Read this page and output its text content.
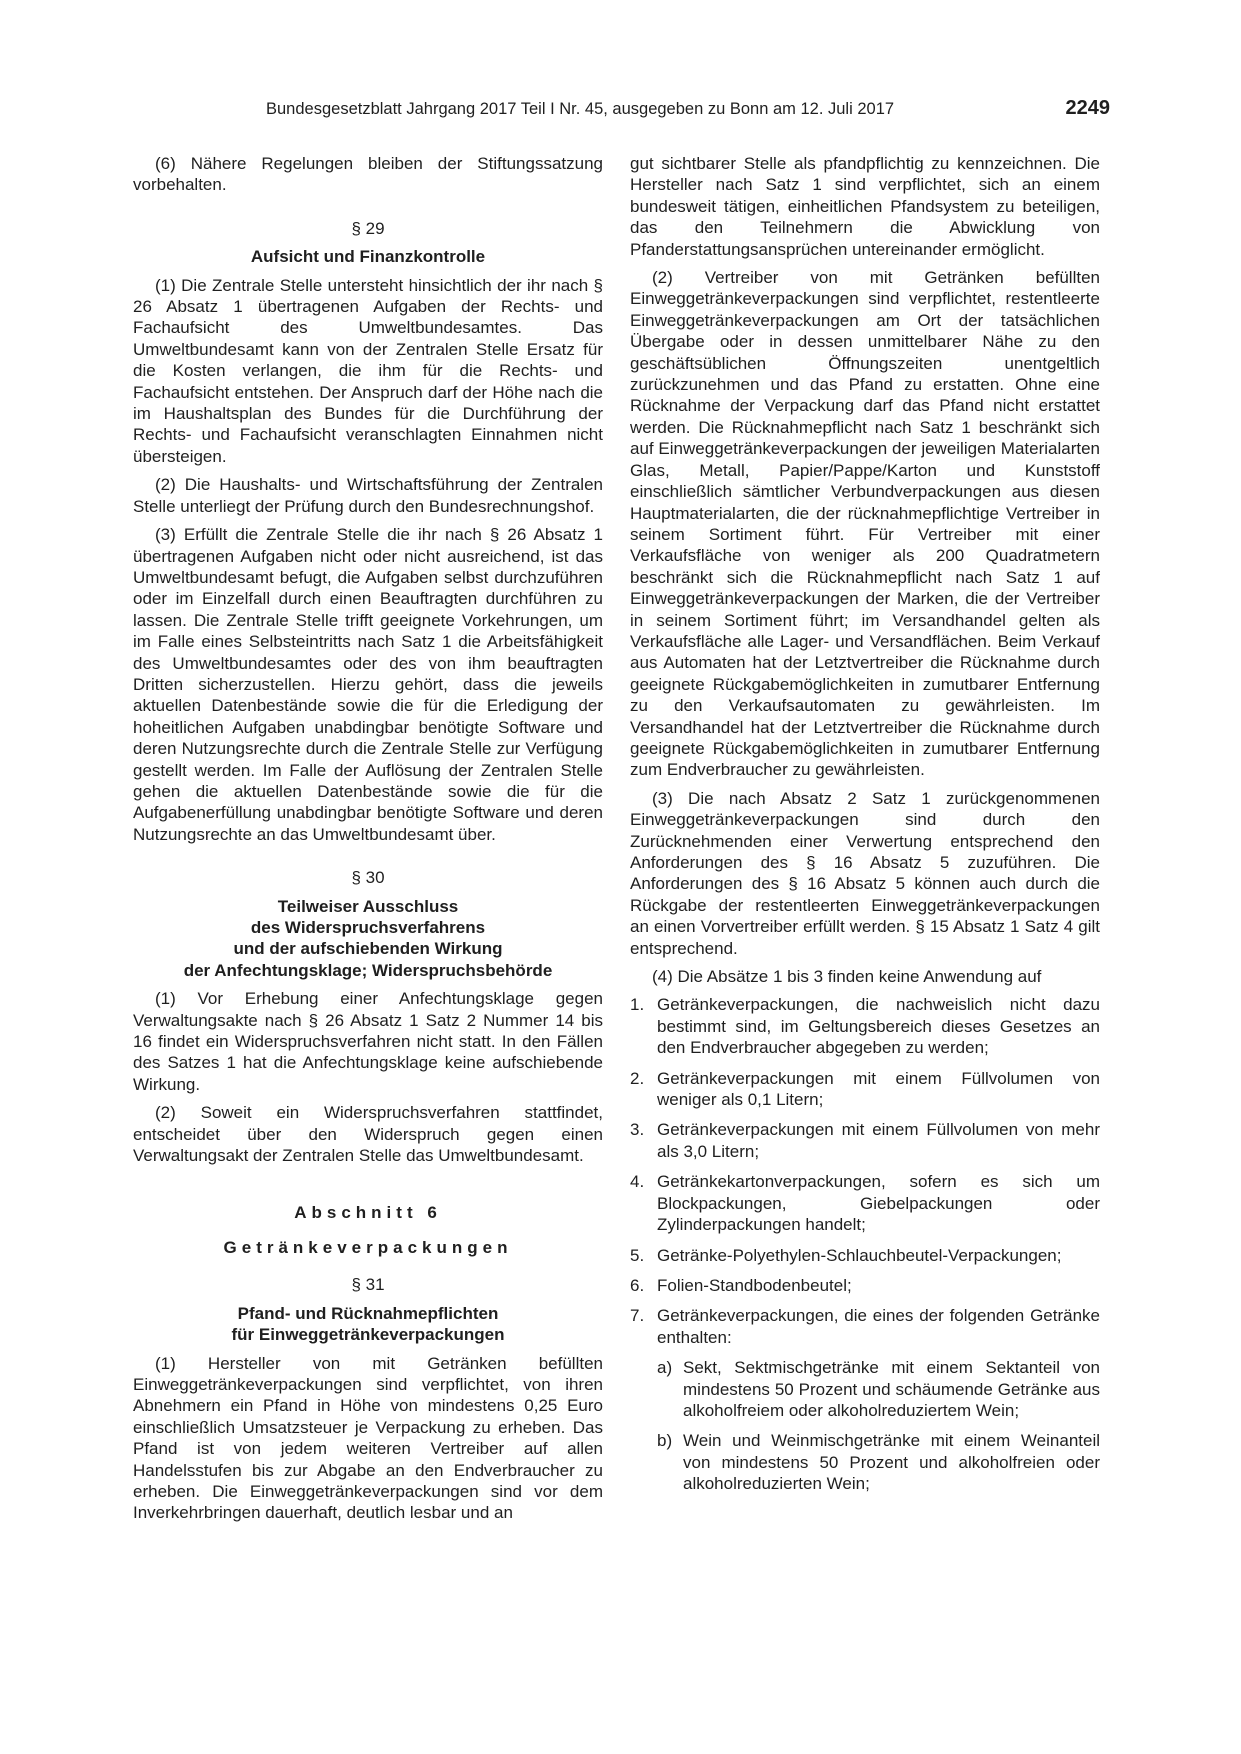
Bundesgesetzblatt Jahrgang 2017 Teil I Nr. 45, ausgegeben zu Bonn am 12. Juli 2017	2249

(6) Nähere Regelungen bleiben der Stiftungssatzung vorbehalten.

§ 29
Aufsicht und Finanzkontrolle

(1) Die Zentrale Stelle untersteht hinsichtlich der ihr nach § 26 Absatz 1 übertragenen Aufgaben der Rechts- und Fachaufsicht des Umweltbundesamtes. Das Umweltbundesamt kann von der Zentralen Stelle Ersatz für die Kosten verlangen, die ihm für die Rechts- und Fachaufsicht entstehen. Der Anspruch darf der Höhe nach die im Haushaltsplan des Bundes für die Durchführung der Rechts- und Fachaufsicht veranschlagten Einnahmen nicht übersteigen.

(2) Die Haushalts- und Wirtschaftsführung der Zentralen Stelle unterliegt der Prüfung durch den Bundesrechnungshof.

(3) Erfüllt die Zentrale Stelle die ihr nach § 26 Absatz 1 übertragenen Aufgaben nicht oder nicht ausreichend, ist das Umweltbundesamt befugt, die Aufgaben selbst durchzuführen oder im Einzelfall durch einen Beauftragten durchführen zu lassen. Die Zentrale Stelle trifft geeignete Vorkehrungen, um im Falle eines Selbsteintritts nach Satz 1 die Arbeitsfähigkeit des Umweltbundesamtes oder des von ihm beauftragten Dritten sicherzustellen. Hierzu gehört, dass die jeweils aktuellen Datenbestände sowie die für die Erledigung der hoheitlichen Aufgaben unabdingbar benötigte Software und deren Nutzungsrechte durch die Zentrale Stelle zur Verfügung gestellt werden. Im Falle der Auflösung der Zentralen Stelle gehen die aktuellen Datenbestände sowie die für die Aufgabenerfüllung unabdingbar benötigte Software und deren Nutzungsrechte an das Umweltbundesamt über.

§ 30
Teilweiser Ausschluss
des Widerspruchsverfahrens
und der aufschiebenden Wirkung
der Anfechtungsklage; Widerspruchsbehörde

(1) Vor Erhebung einer Anfechtungsklage gegen Verwaltungsakte nach § 26 Absatz 1 Satz 2 Nummer 14 bis 16 findet ein Widerspruchsverfahren nicht statt. In den Fällen des Satzes 1 hat die Anfechtungsklage keine aufschiebende Wirkung.

(2) Soweit ein Widerspruchsverfahren stattfindet, entscheidet über den Widerspruch gegen einen Verwaltungsakt der Zentralen Stelle das Umweltbundesamt.

Abschnitt 6
Getränkeverpackungen
§ 31
Pfand- und Rücknahmepflichten
für Einweggetränkeverpackungen

(1) Hersteller von mit Getränken befüllten Einweggetränkeverpackungen sind verpflichtet, von ihren Abnehmern ein Pfand in Höhe von mindestens 0,25 Euro einschließlich Umsatzsteuer je Verpackung zu erheben. Das Pfand ist von jedem weiteren Vertreiber auf allen Handelsstufen bis zur Abgabe an den Endverbraucher zu erheben. Die Einweggetränkeverpackungen sind vor dem Inverkehrbringen dauerhaft, deutlich lesbar und an

gut sichtbarer Stelle als pfandpflichtig zu kennzeichnen. Die Hersteller nach Satz 1 sind verpflichtet, sich an einem bundesweit tätigen, einheitlichen Pfandsystem zu beteiligen, das den Teilnehmern die Abwicklung von Pfanderstattungsansprüchen untereinander ermöglicht.

(2) Vertreiber von mit Getränken befüllten Einweggetränkeverpackungen sind verpflichtet, restentleerte Einweggetränkeverpackungen am Ort der tatsächlichen Übergabe oder in dessen unmittelbarer Nähe zu den geschäftsüblichen Öffnungszeiten unentgeltlich zurückzunehmen und das Pfand zu erstatten. Ohne eine Rücknahme der Verpackung darf das Pfand nicht erstattet werden. Die Rücknahmepflicht nach Satz 1 beschränkt sich auf Einweggetränkeverpackungen der jeweiligen Materialarten Glas, Metall, Papier/Pappe/Karton und Kunststoff einschließlich sämtlicher Verbundverpackungen aus diesen Hauptmaterialarten, die der rücknahmepflichtige Vertreiber in seinem Sortiment führt. Für Vertreiber mit einer Verkaufsfläche von weniger als 200 Quadratmetern beschränkt sich die Rücknahmepflicht nach Satz 1 auf Einweggetränkeverpackungen der Marken, die der Vertreiber in seinem Sortiment führt; im Versandhandel gelten als Verkaufsfläche alle Lager- und Versandflächen. Beim Verkauf aus Automaten hat der Letztvertreiber die Rücknahme durch geeignete Rückgabemöglichkeiten in zumutbarer Entfernung zu den Verkaufsautomaten zu gewährleisten. Im Versandhandel hat der Letztvertreiber die Rücknahme durch geeignete Rückgabemöglichkeiten in zumutbarer Entfernung zum Endverbraucher zu gewährleisten.

(3) Die nach Absatz 2 Satz 1 zurückgenommenen Einweggetränkeverpackungen sind durch den Zurücknehmenden einer Verwertung entsprechend den Anforderungen des § 16 Absatz 5 zuzuführen. Die Anforderungen des § 16 Absatz 5 können auch durch die Rückgabe der restentleerten Einweggetränkeverpackungen an einen Vorvertreiber erfüllt werden. § 15 Absatz 1 Satz 4 gilt entsprechend.

(4) Die Absätze 1 bis 3 finden keine Anwendung auf

1. Getränkeverpackungen, die nachweislich nicht dazu bestimmt sind, im Geltungsbereich dieses Gesetzes an den Endverbraucher abgegeben zu werden;
2. Getränkeverpackungen mit einem Füllvolumen von weniger als 0,1 Litern;
3. Getränkeverpackungen mit einem Füllvolumen von mehr als 3,0 Litern;
4. Getränkekartonverpackungen, sofern es sich um Blockpackungen, Giebelpackungen oder Zylinderpackungen handelt;
5. Getränke-Polyethylen-Schlauchbeutel-Verpackungen;
6. Folien-Standbodenbeutel;
7. Getränkeverpackungen, die eines der folgenden Getränke enthalten:
a) Sekt, Sektmischgetränke mit einem Sektanteil von mindestens 50 Prozent und schäumende Getränke aus alkoholfreiem oder alkoholreduziertem Wein;
b) Wein und Weinmischgetränke mit einem Weinanteil von mindestens 50 Prozent und alkoholfreien oder alkoholreduzierten Wein;
